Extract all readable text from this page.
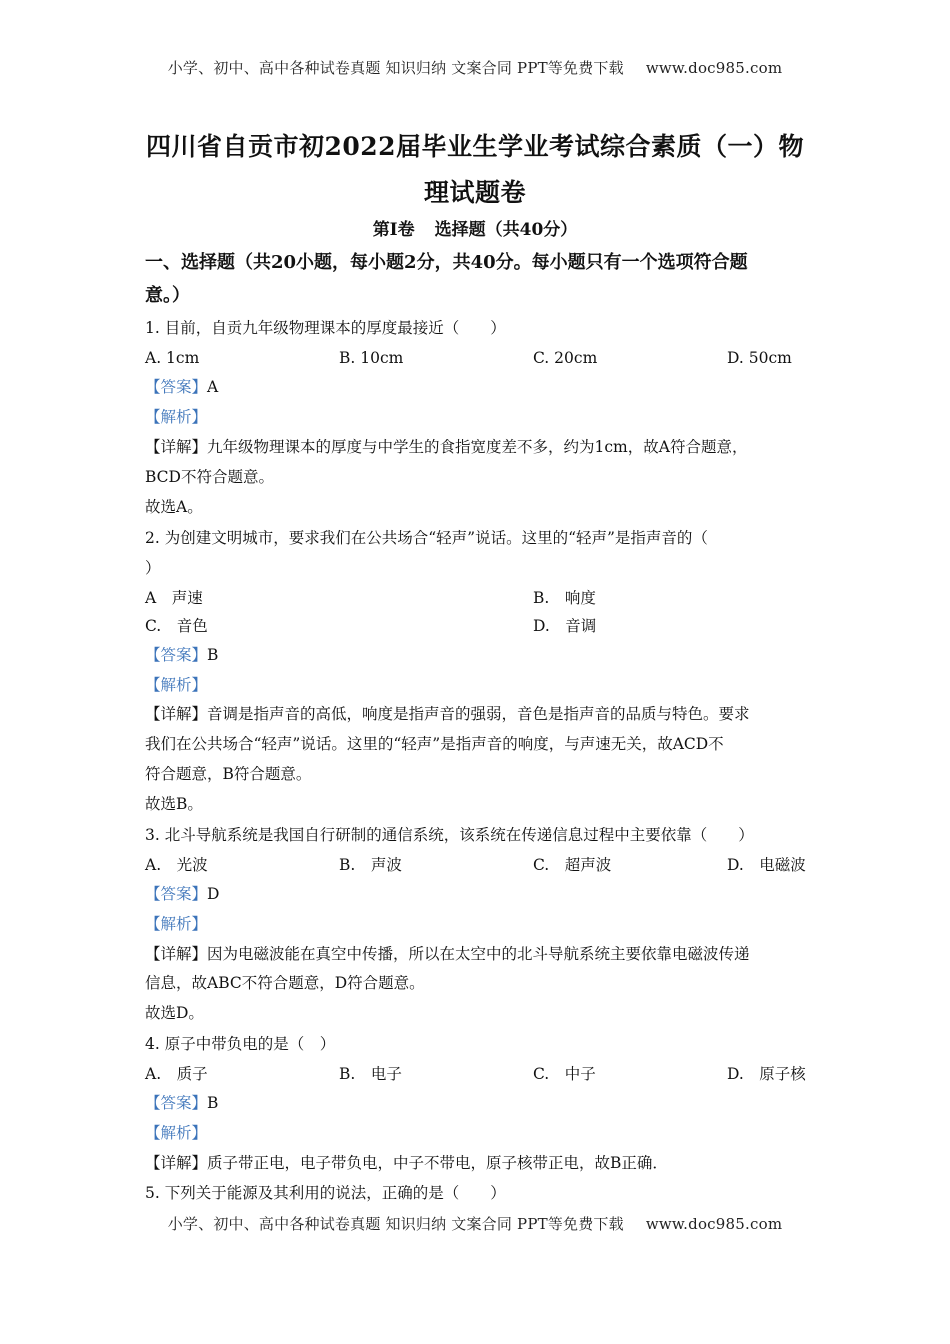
小学、初中、高中各种试卷真题 知识归纳 文案合同 PPT等免费下载 www.doc985.com
四川省自贡市初2022届毕业生学业考试综合素质（一）物
理试题卷
第I卷 选择题（共40分）
一、选择题（共20小题，每小题2分，共40分。每小题只有一个选项符合题
意。）
1. 目前，自贡九年级物理课本的厚度最接近（　　）
A. 1cm	B. 10cm	C. 20cm	D. 50cm
【答案】A
【解析】
【详解】九年级物理课本的厚度与中学生的食指宽度差不多，约为1cm，故A符合题意，
BCD不符合题意。
故选A。
2. 为创建文明城市，要求我们在公共场合“轻声”说话。这里的“轻声”是指声音的（
）
A　声速	B.　响度
C.　音色	D.　音调
【答案】B
【解析】
【详解】音调是指声音的高低，响度是指声音的强弱，音色是指声音的品质与特色。要求
我们在公共场合“轻声”说话。这里的“轻声”是指声音的响度，与声速无关，故ACD不
符合题意，B符合题意。
故选B。
3. 北斗导航系统是我国自行研制的通信系统，该系统在传递信息过程中主要依靠（　　）
A.　光波	B.　声波	C.　超声波	D.　电磁波
【答案】D
【解析】
【详解】因为电磁波能在真空中传播，所以在太空中的北斗导航系统主要依靠电磁波传递
信息，故ABC不符合题意，D符合题意。
故选D。
4. 原子中带负电的是（　）
A.　质子	B.　电子	C.　中子	D.　原子核
【答案】B
【解析】
【详解】质子带正电，电子带负电，中子不带电，原子核带正电，故B正确．
5. 下列关于能源及其利用的说法，正确的是（　　）
小学、初中、高中各种试卷真题 知识归纳 文案合同 PPT等免费下载 www.doc985.com
